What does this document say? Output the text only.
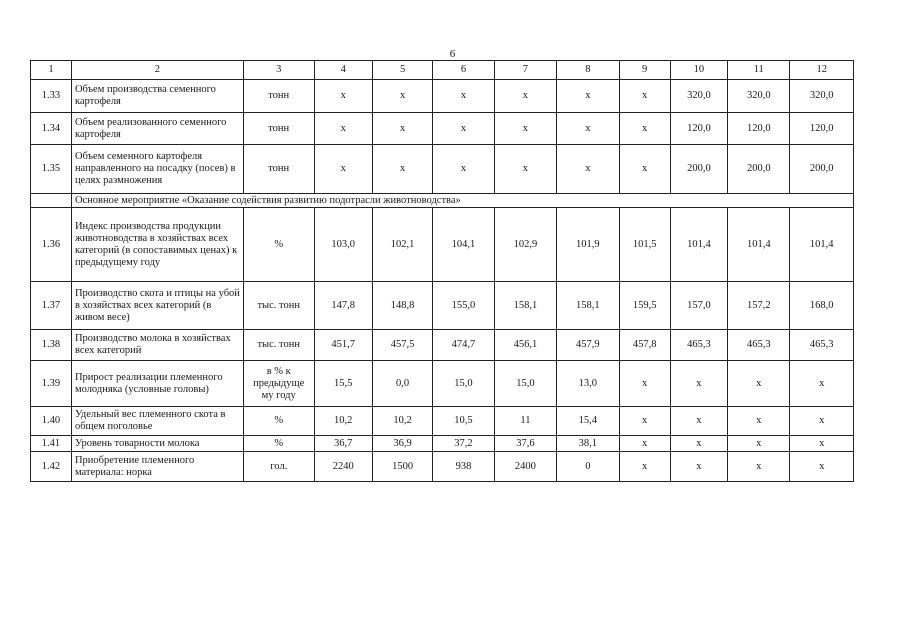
6
1	2	3	4	5	6	7	8	9	10	11	12
1.33	Объем производства семенного картофеля	тонн	х	х	х	х	х	х	320,0	320,0	320,0
1.34	Объем реализованного семенного картофеля	тонн	х	х	х	х	х	х	120,0	120,0	120,0
1.35	Объем семенного картофеля направленного на посадку (посев) в целях размножения	тонн	х	х	х	х	х	х	200,0	200,0	200,0
	Основное мероприятие «Оказание содействия развитию подотрасли животноводства»										
1.36	Индекс производства продукции животноводства в хозяйствах всех категорий (в сопоставимых ценах) к предыдущему году	%	103,0	102,1	104,1	102,9	101,9	101,5	101,4	101,4	101,4
1.37	Производство скота и птицы на убой в хозяйствах всех категорий (в живом весе)	тыс. тонн	147,8	148,8	155,0	158,1	158,1	159,5	157,0	157,2	168,0
1.38	Производство молока в хозяйствах всех категорий	тыс. тонн	451,7	457,5	474,7	456,1	457,9	457,8	465,3	465,3	465,3
1.39	Прирост реализации племенного молодняка (условные головы)	в % к предыдуще му году	15,5	0,0	15,0	15,0	13,0	х	х	х	х
1.40	Удельный вес племенного скота в общем поголовье	%	10,2	10,2	10,5	11	15,4	х	х	х	х
1.41	Уровень товарности молока	%	36,7	36,9	37,2	37,6	38,1	х	х	х	х
1.42	Приобретение племенного материала: норка	гол.	2240	1500	938	2400	0	х	х	х	х
